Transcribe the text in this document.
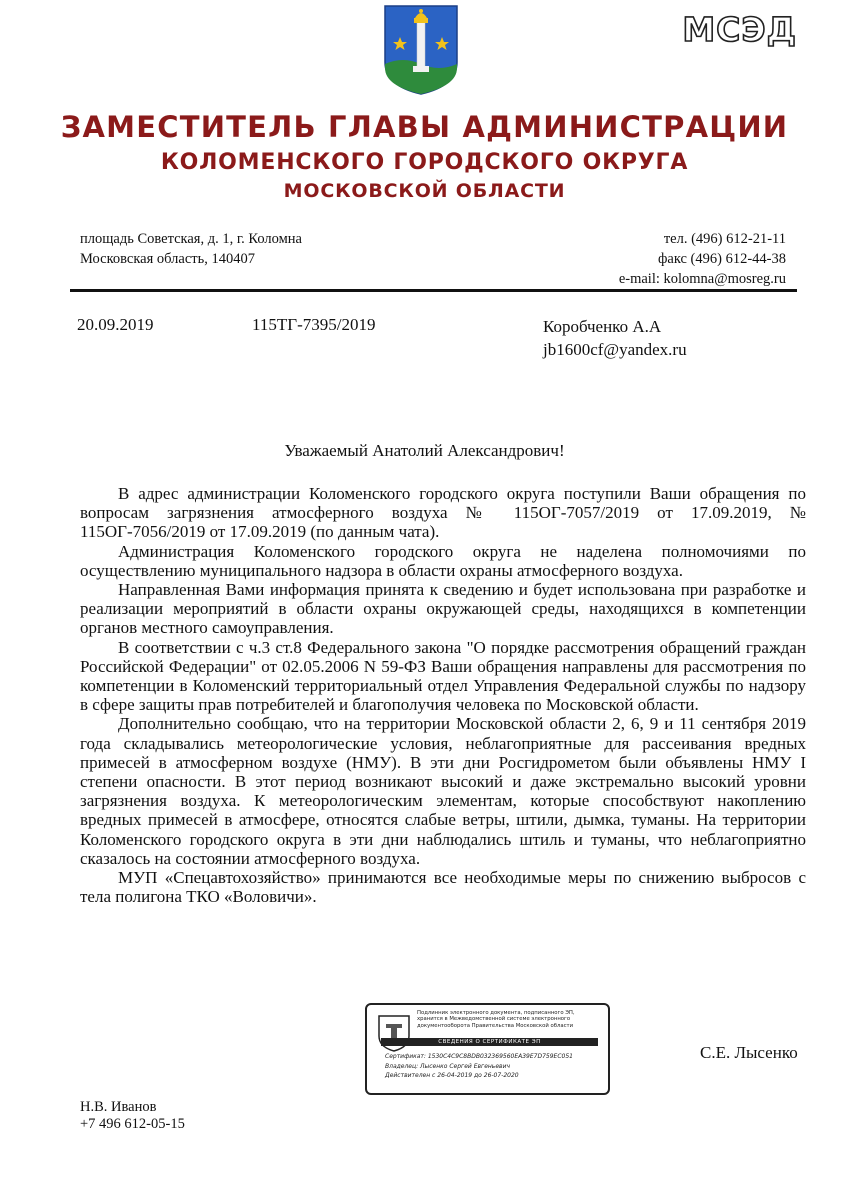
МСЭД
ЗАМЕСТИТЕЛЬ ГЛАВЫ АДМИНИСТРАЦИИ
КОЛОМЕНСКОГО ГОРОДСКОГО ОКРУГА
МОСКОВСКОЙ ОБЛАСТИ
площадь Советская, д. 1, г. Коломна
Московская область, 140407
тел. (496) 612-21-11
факс (496) 612-44-38
e-mail: kolomna@mosreg.ru
20.09.2019	115ТГ-7395/2019	Коробченко А.А
jb1600cf@yandex.ru
Уважаемый Анатолий Александрович!

В адрес администрации Коломенского городского округа поступили Ваши обращения по вопросам загрязнения атмосферного воздуха № 115ОГ-7057/2019 от 17.09.2019, № 115ОГ-7056/2019 от 17.09.2019 (по данным чата).

Администрация Коломенского городского округа не наделена полномочиями по осуществлению муниципального надзора в области охраны атмосферного воздуха.

Направленная Вами информация принята к сведению и будет использована при разработке и реализации мероприятий в области охраны окружающей среды, находящихся в компетенции органов местного самоуправления.

В соответствии с ч.3 ст.8 Федерального закона "О порядке рассмотрения обращений граждан Российской Федерации" от 02.05.2006 N 59-ФЗ Ваши обращения направлены для рассмотрения по компетенции в Коломенский территориальный отдел Управления Федеральной службы по надзору в сфере защиты прав потребителей и благополучия человека по Московской области.

Дополнительно сообщаю, что на территории Московской области 2, 6, 9 и 11 сентября 2019 года складывались метеорологические условия, неблагоприятные для рассеивания вредных примесей в атмосферном воздухе (НМУ). В эти дни Росгидрометом были объявлены НМУ I степени опасности. В этот период возникают высокий и даже экстремально высокий уровни загрязнения воздуха. К метеорологическим элементам, которые способствуют накоплению вредных примесей в атмосфере, относятся слабые ветры, штили, дымка, туманы. На территории Коломенского городского округа в эти дни наблюдались штиль и туманы, что неблагоприятно сказалось на состоянии атмосферного воздуха.

МУП «Спецавтохозяйство» принимаются все необходимые меры по снижению выбросов с тела полигона ТКО «Воловичи».

Подлинник электронного документа, подписанного ЭП,
хранится в Межведомственной системе электронного
документооборота Правительства Московской области
СВЕДЕНИЯ О СЕРТИФИКАТЕ ЭП
Сертификат: 1530C4C9C8BDB032369560EA39E7D759EC051
Владелец: Лысенко Сергей Евгеньевич
Действителен с 26-04-2019 до 26-07-2020
С.Е. Лысенко
Н.В. Иванов
+7 496 612-05-15
